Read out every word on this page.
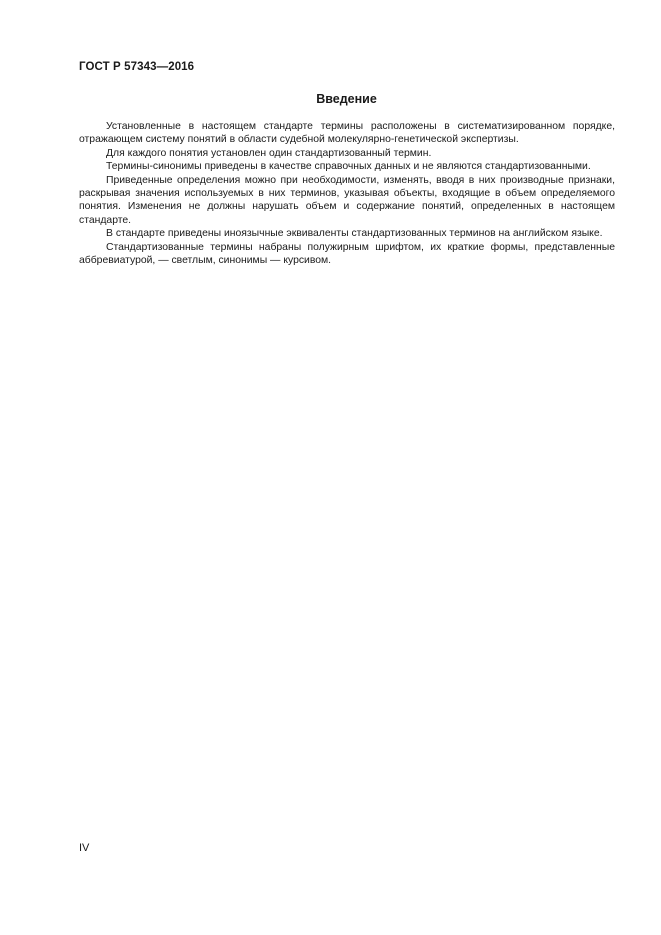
ГОСТ Р 57343—2016
Введение

Установленные в настоящем стандарте термины расположены в систематизированном порядке, отражающем систему понятий в области судебной молекулярно-генетической экспертизы.

Для каждого понятия установлен один стандартизованный термин.

Термины-синонимы приведены в качестве справочных данных и не являются стандартизованными.

Приведенные определения можно при необходимости, изменять, вводя в них производные признаки, раскрывая значения используемых в них терминов, указывая объекты, входящие в объем определяемого понятия. Изменения не должны нарушать объем и содержание понятий, определенных в настоящем стандарте.

В стандарте приведены иноязычные эквиваленты стандартизованных терминов на английском языке.

Стандартизованные термины набраны полужирным шрифтом, их краткие формы, представленные аббревиатурой, — светлым, синонимы — курсивом.

IV
